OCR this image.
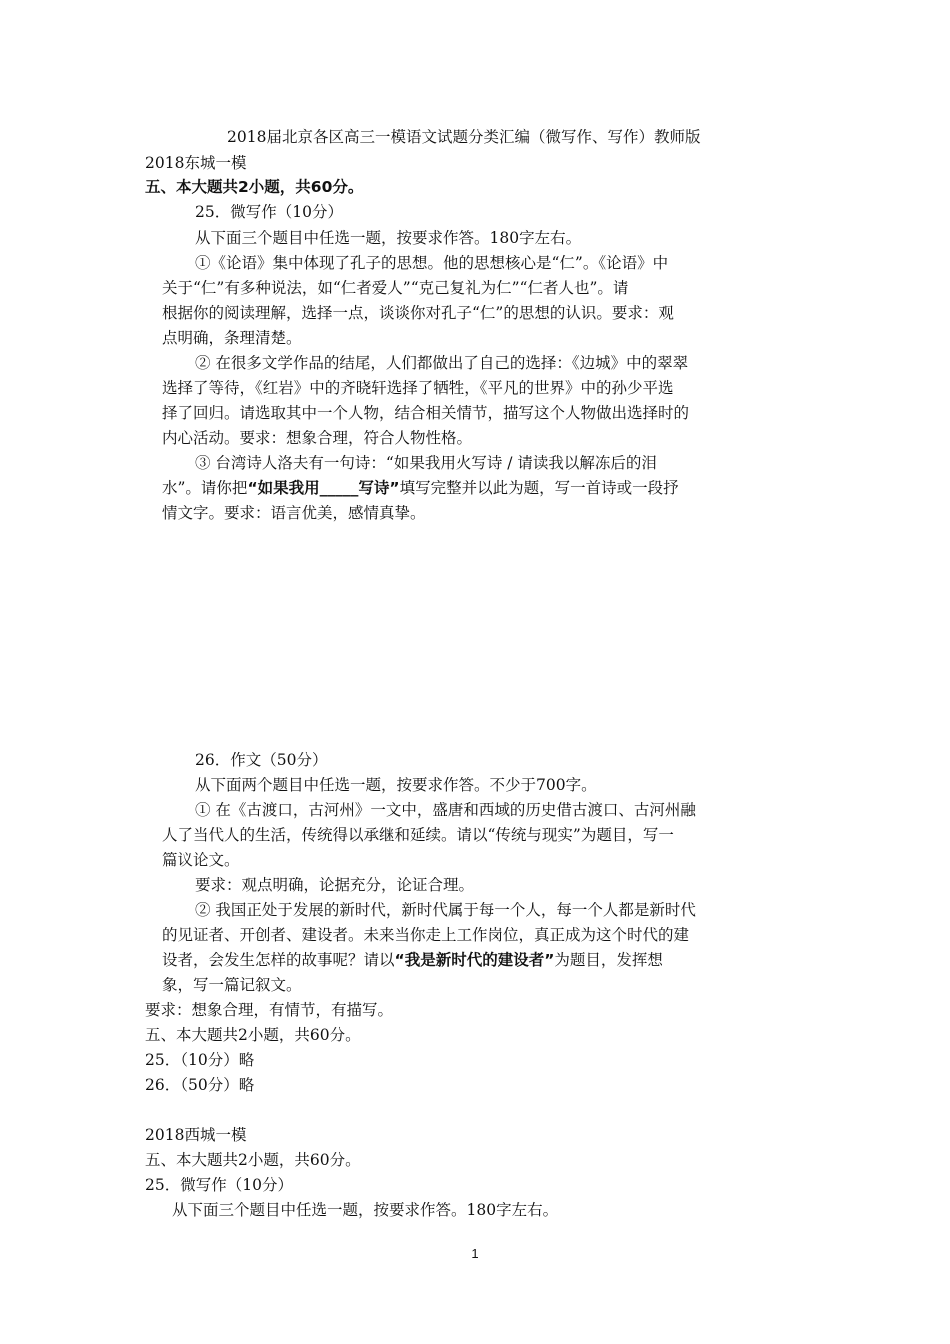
2018届北京各区高三一模语文试题分类汇编（微写作、写作）教师版
2018东城一模
五、本大题共2小题，共60分。
25．微写作（10分）
从下面三个题目中任选一题，按要求作答。180字左右。
①《论语》集中体现了孔子的思想。他的思想核心是“仁”。《论语》中
关于“仁”有多种说法，如“仁者爱人”“克己复礼为仁”“仁者人也”。请
根据你的阅读理解，选择一点，谈谈你对孔子“仁”的思想的认识。要求：观
点明确，条理清楚。
② 在很多文学作品的结尾，人们都做出了自己的选择：《边城》中的翠翠
选择了等待，《红岩》中的齐晓轩选择了牺牲，《平凡的世界》中的孙少平选
择了回归。请选取其中一个人物，结合相关情节，描写这个人物做出选择时的
内心活动。要求：想象合理，符合人物性格。
③ 台湾诗人洛夫有一句诗：“如果我用火写诗 / 请读我以解冻后的泪
水”。请你把“如果我用_____写诗”填写完整并以此为题，写一首诗或一段抒
情文字。要求：语言优美，感情真挚。
26．作文（50分）
从下面两个题目中任选一题，按要求作答。不少于700字。
① 在《古渡口，古河州》一文中，盛唐和西域的历史借古渡口、古河州融
人了当代人的生活，传统得以承继和延续。请以“传统与现实”为题目，写一
篇议论文。
要求：观点明确，论据充分，论证合理。
② 我国正处于发展的新时代，新时代属于每一个人，每一个人都是新时代
的见证者、开创者、建设者。未来当你走上工作岗位，真正成为这个时代的建
设者，会发生怎样的故事呢？请以“我是新时代的建设者”为题目，发挥想
象，写一篇记叙文。
要求：想象合理，有情节，有描写。
五、本大题共2小题，共60分。
25．（10分）略
26．（50分）略
2018西城一模
五、本大题共2小题，共60分。
25．微写作（10分）
从下面三个题目中任选一题，按要求作答。180字左右。
1
